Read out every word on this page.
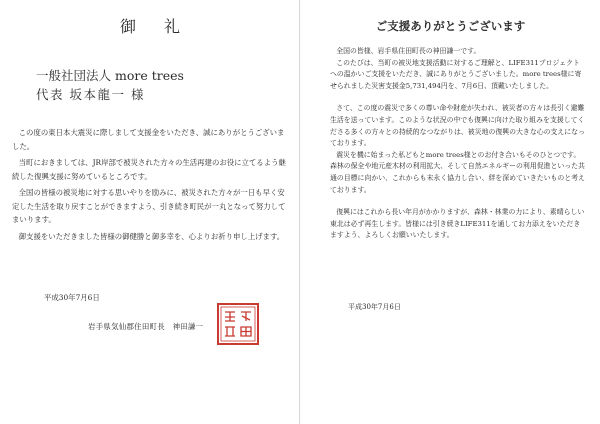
御礼
一般社団法人 more trees
代表 坂本龍一 様

この度の東日本大震災に際しまして支援金をいただき、誠にありがとうございました。

当町におきましては、JR岸部で被災された方々の生活再建のお役に立てるよう継続した復興支援に努めているところです。

全国の皆様の被災地に対する思いやりを励みに、被災された方々が一日も早く安定した生活を取り戻すことができますよう、引き続き町民が一丸となって努力してまいります。

御支援をいただきました皆様の御健勝と御多幸を、心よりお祈り申し上げます。

平成30年7月6日
岩手県気仙郡住田町長　神田謙一
ご支援ありがとうございます

全国の皆様、岩手県住田町長の神田謙一です。

このたびは、当町の被災地支援活動に対するご理解と、LIFE311プロジェクトへの温かいご支援をいただき、誠にありがとうございました。more trees様に寄せられました災害支援金5,731,494円を、7月6日、頂戴いたしました。

さて、この度の震災で多くの尊い命や財産が失われ、被災者の方々は長引く避難生活を送っています。このような状況の中でも復興に向けた取り組みを支援してくださる多くの方々との持続的なつながりは、被災地の復興の大きな心の支えになっております。

震災を機に始まった私どもとmore trees様とのお付き合いもそのひとつです。森林の保全や地元産木材の利用拡大、そして自然エネルギーの利用促進といった共通の目標に向かい、これからも末永く協力し合い、絆を深めていきたいものと考えております。

復興にはこれから長い年月がかかりますが、森林・林業の力により、素晴らしい東北は必ず再生します。皆様には引き続きLIFE311を通してお力添えをいただきますよう、よろしくお願いいたします。

平成30年7月6日
